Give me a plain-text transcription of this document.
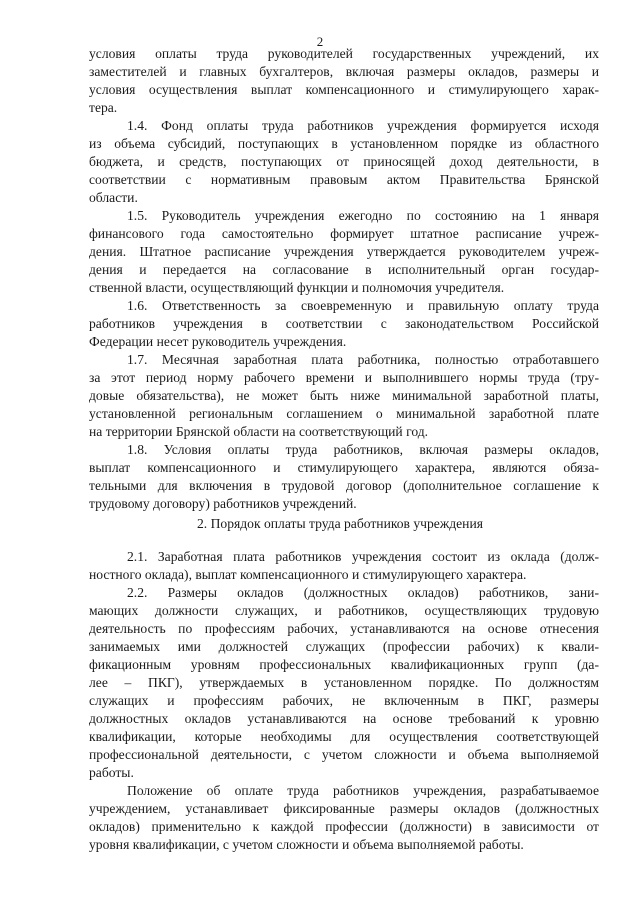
2
условия оплаты труда руководителей государственных учреждений, их
заместителей и главных бухгалтеров, включая размеры окладов, размеры и
условия осуществления выплат компенсационного и стимулирующего харак-
тера.
1.4. Фонд оплаты труда работников учреждения формируется исходя
из объема субсидий, поступающих в установленном порядке из областного
бюджета, и средств, поступающих от приносящей доход деятельности, в
соответствии с нормативным правовым актом Правительства Брянской
области.
1.5. Руководитель учреждения ежегодно по состоянию на 1 января
финансового года самостоятельно формирует штатное расписание учреж-
дения. Штатное расписание учреждения утверждается руководителем учреж-
дения и передается на согласование в исполнительный орган государ-
ственной власти, осуществляющий функции и полномочия учредителя.
1.6. Ответственность за своевременную и правильную оплату труда
работников учреждения в соответствии с законодательством Российской
Федерации несет руководитель учреждения.
1.7. Месячная заработная плата работника, полностью отработавшего
за этот период норму рабочего времени и выполнившего нормы труда (тру-
довые обязательства), не может быть ниже минимальной заработной платы,
установленной региональным соглашением о минимальной заработной плате
на территории Брянской области на соответствующий год.
1.8. Условия оплаты труда работников, включая размеры окладов,
выплат компенсационного и стимулирующего характера, являются обяза-
тельными для включения в трудовой договор (дополнительное соглашение к
трудовому договору) работников учреждений.
2. Порядок оплаты труда работников учреждения
2.1. Заработная плата работников учреждения состоит из оклада (долж-
ностного оклада), выплат компенсационного и стимулирующего характера.
2.2. Размеры окладов (должностных окладов) работников, зани-
мающих должности служащих, и работников, осуществляющих трудовую
деятельность по профессиям рабочих, устанавливаются на основе отнесения
занимаемых ими должностей служащих (профессии рабочих) к квали-
фикационным уровням профессиональных квалификационных групп (да-
лее – ПКГ), утверждаемых в установленном порядке. По должностям
служащих и профессиям рабочих, не включенным в ПКГ, размеры
должностных окладов устанавливаются на основе требований к уровню
квалификации, которые необходимы для осуществления соответствующей
профессиональной деятельности, с учетом сложности и объема выполняемой
работы.
Положение об оплате труда работников учреждения, разрабатываемое
учреждением, устанавливает фиксированные размеры окладов (должностных
окладов) применительно к каждой профессии (должности) в зависимости от
уровня квалификации, с учетом сложности и объема выполняемой работы.
